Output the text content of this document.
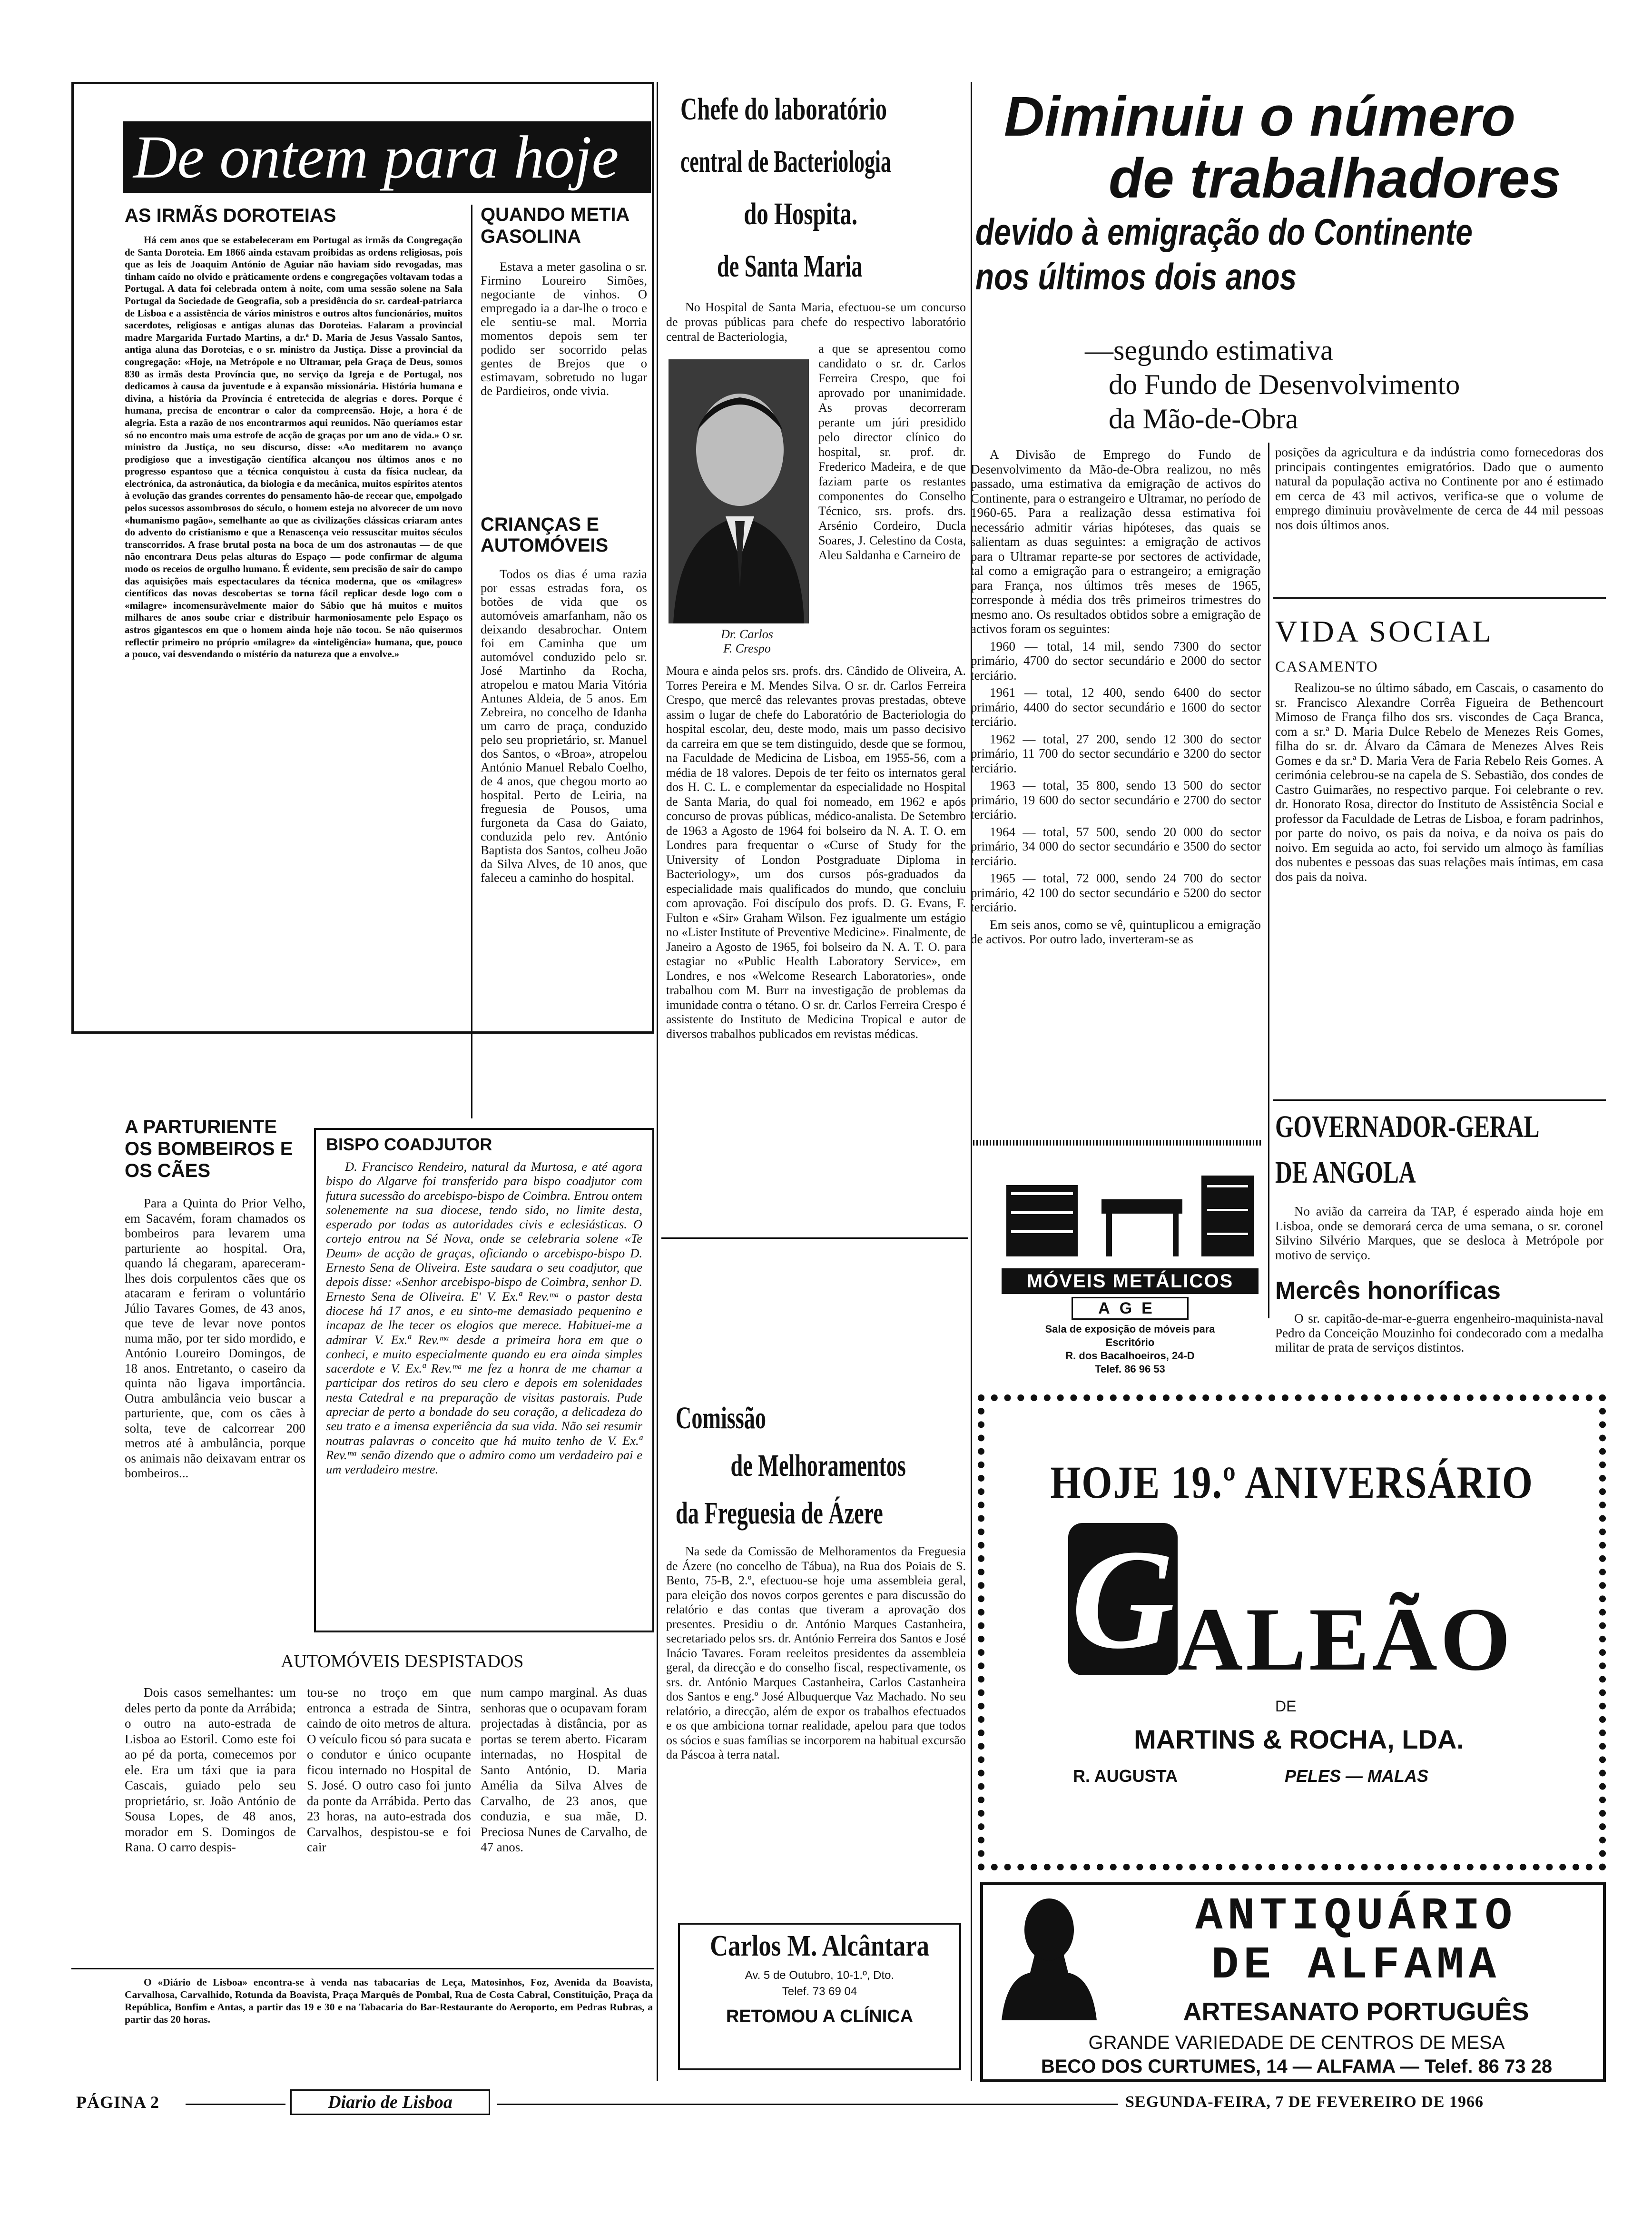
De ontem para hoje
AS IRMÃS DOROTEIAS

Há cem anos que se estabeleceram em Portugal as irmãs da Congregação de Santa Doroteia. Em 1866 ainda estavam proibidas as ordens religiosas, pois que as leis de Joaquim António de Aguiar não haviam sido revogadas, mas tinham caído no olvido e pràticamente ordens e congregações voltavam todas a Portugal. A data foi celebrada ontem à noite, com uma sessão solene na Sala Portugal da Sociedade de Geografia, sob a presidência do sr. cardeal-patriarca de Lisboa e a assistência de vários ministros e outros altos funcionários, muitos sacerdotes, religiosas e antigas alunas das Doroteias. Falaram a provincial madre Margarida Furtado Martins, a dr.ª D. Maria de Jesus Vassalo Santos, antiga aluna das Doroteias, e o sr. ministro da Justiça. Disse a provincial da congregação: «Hoje, na Metrópole e no Ultramar, pela Graça de Deus, somos 830 as irmãs desta Província que, no serviço da Igreja e de Portugal, nos dedicamos à causa da juventude e à expansão missionária. História humana e divina, a história da Província é entretecida de alegrias e dores. Porque é humana, precisa de encontrar o calor da compreensão. Hoje, a hora é de alegria. Esta a razão de nos encontrarmos aqui reunidos. Não queríamos estar só no encontro mais uma estrofe de acção de graças por um ano de vida.» O sr. ministro da Justiça, no seu discurso, disse: «Ao meditarem no avanço prodigioso que a investigação científica alcançou nos últimos anos e no progresso espantoso que a técnica conquistou à custa da física nuclear, da electrónica, da astronáutica, da biologia e da mecânica, muitos espíritos atentos à evolução das grandes correntes do pensamento hão-de recear que, empolgado pelos sucessos assombrosos do século, o homem esteja no alvorecer de um novo «humanismo pagão», semelhante ao que as civilizações clássicas criaram antes do advento do cristianismo e que a Renascença veio ressuscitar muitos séculos transcorridos. A frase brutal posta na boca de um dos astronautas — de que não encontrara Deus pelas alturas do Espaço — pode confirmar de alguma modo os receios de orgulho humano. É evidente, sem precisão de sair do campo das aquisições mais espectaculares da técnica moderna, que os «milagres» científicos das novas descobertas se torna fácil replicar desde logo com o «milagre» incomensuràvelmente maior do Sábio que há muitos e muitos milhares de anos soube criar e distribuir harmoniosamente pelo Espaço os astros gigantescos em que o homem ainda hoje não tocou. Se não quisermos reflectir primeiro no próprio «milagre» da «inteligência» humana, que, pouco a pouco, vai desvendando o mistério da natureza que a envolve.»

QUANDO METIA GASOLINA

Estava a meter gasolina o sr. Firmino Loureiro Simões, negociante de vinhos. O empregado ia a dar-lhe o troco e ele sentiu-se mal. Morria momentos depois sem ter podido ser socorrido pelas gentes de Brejos que o estimavam, sobretudo no lugar de Pardieiros, onde vivia.

CRIANÇAS E AUTOMÓVEIS

Todos os dias é uma razia por essas estradas fora, os botões de vida que os automóveis amarfanham, não os deixando desabrochar. Ontem foi em Caminha que um automóvel conduzido pelo sr. José Martinho da Rocha, atropelou e matou Maria Vitória Antunes Aldeia, de 5 anos. Em Zebreira, no concelho de Idanha um carro de praça, conduzido pelo seu proprietário, sr. Manuel dos Santos, o «Broa», atropelou António Manuel Rebalo Coelho, de 4 anos, que chegou morto ao hospital. Perto de Leiria, na freguesia de Pousos, uma furgoneta da Casa do Gaiato, conduzida pelo rev. António Baptista dos Santos, colheu João da Silva Alves, de 10 anos, que faleceu a caminho do hospital.

A PARTURIENTE OS BOMBEIROS E OS CÃES

Para a Quinta do Prior Velho, em Sacavém, foram chamados os bombeiros para levarem uma parturiente ao hospital. Ora, quando lá chegaram, apareceram-lhes dois corpulentos cães que os atacaram e feriram o voluntário Júlio Tavares Gomes, de 43 anos, que teve de levar nove pontos numa mão, por ter sido mordido, e António Loureiro Domingos, de 18 anos. Entretanto, o caseiro da quinta não ligava importância. Outra ambulância veio buscar a parturiente, que, com os cães à solta, teve de calcorrear 200 metros até à ambulância, porque os animais não deixavam entrar os bombeiros...

BISPO COADJUTOR

D. Francisco Rendeiro, natural da Murtosa, e até agora bispo do Algarve foi transferido para bispo coadjutor com futura sucessão do arcebispo-bispo de Coimbra. Entrou ontem solenemente na sua diocese, tendo sido, no limite desta, esperado por todas as autoridades civis e eclesiásticas. O cortejo entrou na Sé Nova, onde se celebraria solene «Te Deum» de acção de graças, oficiando o arcebispo-bispo D. Ernesto Sena de Oliveira. Este saudara o seu coadjutor, que depois disse: «Senhor arcebispo-bispo de Coimbra, senhor D. Ernesto Sena de Oliveira. Eʹ V. Ex.ª Rev.ᵐᵃ o pastor desta diocese há 17 anos, e eu sinto-me demasiado pequenino e incapaz de lhe tecer os elogios que merece. Habituei-me a admirar V. Ex.ª Rev.ᵐᵃ desde a primeira hora em que o conheci, e muito especialmente quando eu era ainda simples sacerdote e V. Ex.ª Rev.ᵐᵃ me fez a honra de me chamar a participar dos retiros do seu clero e depois em solenidades nesta Catedral e na preparação de visitas pastorais. Pude apreciar de perto a bondade do seu coração, a delicadeza do seu trato e a imensa experiência da sua vida. Não sei resumir noutras palavras o conceito que há muito tenho de V. Ex.ª Rev.ᵐᵃ senão dizendo que o admiro como um verdadeiro pai e um verdadeiro mestre.

AUTOMÓVEIS DESPISTADOS

Dois casos semelhantes: um deles perto da ponte da Arrábida; o outro na auto-estrada de Lisboa ao Estoril. Como este foi ao pé da porta, comecemos por ele. Era um táxi que ia para Cascais, guiado pelo seu proprietário, sr. João António de Sousa Lopes, de 48 anos, morador em S. Domingos de Rana. O carro despis-

tou-se no troço em que entronca a estrada de Sintra, caindo de oito metros de altura. O veículo ficou só para sucata e o condutor e único ocupante ficou internado no Hospital de S. José. O outro caso foi junto da ponte da Arrábida. Perto das 23 horas, na auto-estrada dos Carvalhos, despistou-se e foi cair

num campo marginal. As duas senhoras que o ocupavam foram projectadas à distância, por as portas se terem aberto. Ficaram internadas, no Hospital de Santo António, D. Maria Amélia da Silva Alves de Carvalho, de 23 anos, que conduzia, e sua mãe, D. Preciosa Nunes de Carvalho, de 47 anos.

O «Diário de Lisboa» encontra-se à venda nas tabacarias de Leça, Matosinhos, Foz, Avenida da Boavista, Carvalhosa, Carvalhido, Rotunda da Boavista, Praça Marquês de Pombal, Rua de Costa Cabral, Constituição, Praça da República, Bonfim e Antas, a partir das 19 e 30 e na Tabacaria do Bar-Restaurante do Aeroporto, em Pedras Rubras, a partir das 20 horas.

Chefe do laboratório
central de Bacteriologia
do Hospita.
de Santa Maria

No Hospital de Santa Maria, efectuou-se um concurso de provas públicas para chefe do respectivo laboratório central de Bacteriologia,

Dr. Carlos
F. Crespo

a que se apresentou como candidato o sr. dr. Carlos Ferreira Crespo, que foi aprovado por unanimidade. As provas decorreram perante um júri presidido pelo director clínico do hospital, sr. prof. dr. Frederico Madeira, e de que faziam parte os restantes componentes do Conselho Técnico, srs. profs. drs. Arsénio Cordeiro, Ducla Soares, J. Celestino da Costa, Aleu Saldanha e Carneiro de

Moura e ainda pelos srs. profs. drs. Cândido de Oliveira, A. Torres Pereira e M. Mendes Silva. O sr. dr. Carlos Ferreira Crespo, que mercê das relevantes provas prestadas, obteve assim o lugar de chefe do Laboratório de Bacteriologia do hospital escolar, deu, deste modo, mais um passo decisivo da carreira em que se tem distinguido, desde que se formou, na Faculdade de Medicina de Lisboa, em 1955-56, com a média de 18 valores. Depois de ter feito os internatos geral dos H. C. L. e complementar da especialidade no Hospital de Santa Maria, do qual foi nomeado, em 1962 e após concurso de provas públicas, médico-analista. De Setembro de 1963 a Agosto de 1964 foi bolseiro da N. A. T. O. em Londres para frequentar o «Curse of Study for the University of London Postgraduate Diploma in Bacteriology», um dos cursos pós-graduados da especialidade mais qualificados do mundo, que concluiu com aprovação. Foi discípulo dos profs. D. G. Evans, F. Fulton e «Sir» Graham Wilson. Fez igualmente um estágio no «Lister Institute of Preventive Medicine». Finalmente, de Janeiro a Agosto de 1965, foi bolseiro da N. A. T. O. para estagiar no «Public Health Laboratory Service», em Londres, e nos «Welcome Research Laboratories», onde trabalhou com M. Burr na investigação de problemas da imunidade contra o tétano. O sr. dr. Carlos Ferreira Crespo é assistente do Instituto de Medicina Tropical e autor de diversos trabalhos publicados em revistas médicas.

Comissão
de Melhoramentos
da Freguesia de Ázere

Na sede da Comissão de Melhoramentos da Freguesia de Ázere (no concelho de Tábua), na Rua dos Poiais de S. Bento, 75-B, 2.º, efectuou-se hoje uma assembleia geral, para eleição dos novos corpos gerentes e para discussão do relatório e das contas que tiveram a aprovação dos presentes. Presidiu o dr. António Marques Castanheira, secretariado pelos srs. dr. António Ferreira dos Santos e José Inácio Tavares. Foram reeleitos presidentes da assembleia geral, da direcção e do conselho fiscal, respectivamente, os srs. dr. António Marques Castanheira, Carlos Castanheira dos Santos e eng.º José Albuquerque Vaz Machado. No seu relatório, a direcção, além de expor os trabalhos efectuados e os que ambiciona tornar realidade, apelou para que todos os sócios e suas famílias se incorporem na habitual excursão da Páscoa à terra natal.

Carlos M. Alcântara
Av. 5 de Outubro, 10-1.º, Dto.
Telef. 73 69 04
RETOMOU A CLÍNICA
Diminuiu o número
de trabalhadores
devido à emigração do Continente
nos últimos dois anos
—segundo estimativa
do Fundo de Desenvolvimento
da Mão-de-Obra

A Divisão de Emprego do Fundo de Desenvolvimento da Mão-de-Obra realizou, no mês passado, uma estimativa da emigração de activos do Continente, para o estrangeiro e Ultramar, no período de 1960-65. Para a realização dessa estimativa foi necessário admitir várias hipóteses, das quais se salientam as duas seguintes: a emigração de activos para o Ultramar reparte-se por sectores de actividade, tal como a emigração para o estrangeiro; a emigração para França, nos últimos três meses de 1965, corresponde à média dos três primeiros trimestres do mesmo ano. Os resultados obtidos sobre a emigração de activos foram os seguintes:

1960 — total, 14 mil, sendo 7300 do sector primário, 4700 do sector secundário e 2000 do sector terciário.

1961 — total, 12 400, sendo 6400 do sector primário, 4400 do sector secundário e 1600 do sector terciário.

1962 — total, 27 200, sendo 12 300 do sector primário, 11 700 do sector secundário e 3200 do sector terciário.

1963 — total, 35 800, sendo 13 500 do sector primário, 19 600 do sector secundário e 2700 do sector terciário.

1964 — total, 57 500, sendo 20 000 do sector primário, 34 000 do sector secundário e 3500 do sector terciário.

1965 — total, 72 000, sendo 24 700 do sector primário, 42 100 do sector secundário e 5200 do sector terciário.

Em seis anos, como se vê, quintuplicou a emigração de activos. Por outro lado, inverteram-se as

posições da agricultura e da indústria como fornecedoras dos principais contingentes emigratórios. Dado que o aumento natural da população activa no Continente por ano é estimado em cerca de 43 mil activos, verifica-se que o volume de emprego diminuiu provàvelmente de cerca de 44 mil pessoas nos dois últimos anos.

VIDA SOCIAL
CASAMENTO

Realizou-se no último sábado, em Cascais, o casamento do sr. Francisco Alexandre Corrêa Figueira de Bethencourt Mimoso de França filho dos srs. viscondes de Caça Branca, com a sr.ª D. Maria Dulce Rebelo de Menezes Reis Gomes, filha do sr. dr. Álvaro da Câmara de Menezes Alves Reis Gomes e da sr.ª D. Maria Vera de Faria Rebelo Reis Gomes. A cerimónia celebrou-se na capela de S. Sebastião, dos condes de Castro Guimarães, no respectivo parque. Foi celebrante o rev. dr. Honorato Rosa, director do Instituto de Assistência Social e professor da Faculdade de Letras de Lisboa, e foram padrinhos, por parte do noivo, os pais da noiva, e da noiva os pais do noivo. Em seguida ao acto, foi servido um almoço às famílias dos nubentes e pessoas das suas relações mais íntimas, em casa dos pais da noiva.

GOVERNADOR-GERAL
DE ANGOLA

No avião da carreira da TAP, é esperado ainda hoje em Lisboa, onde se demorará cerca de uma semana, o sr. coronel Silvino Silvério Marques, que se desloca à Metrópole por motivo de serviço.

Mercês honoríficas

O sr. capitão-de-mar-e-guerra engenheiro-maquinista-naval Pedro da Conceição Mouzinho foi condecorado com a medalha militar de prata de serviços distintos.

MÓVEIS METÁLICOS
AGE
Sala de exposição de móveis para Escritório
R. dos Bacalhoeiros, 24-D
Telef. 86 96 53
HOJE 19.º ANIVERSÁRIO
G ALEÃO
DE
MARTINS & ROCHA, LDA.
R. AUGUSTA	PELES — MALAS
ANTIQUÁRIO
DE ALFAMA
ARTESANATO PORTUGUÊS
GRANDE VARIEDADE DE CENTROS DE MESA
BECO DOS CURTUMES, 14 — ALFAMA — Telef. 86 73 28
PÁGINA 2	Diario de Lisboa	SEGUNDA-FEIRA, 7 DE FEVEREIRO DE 1966
